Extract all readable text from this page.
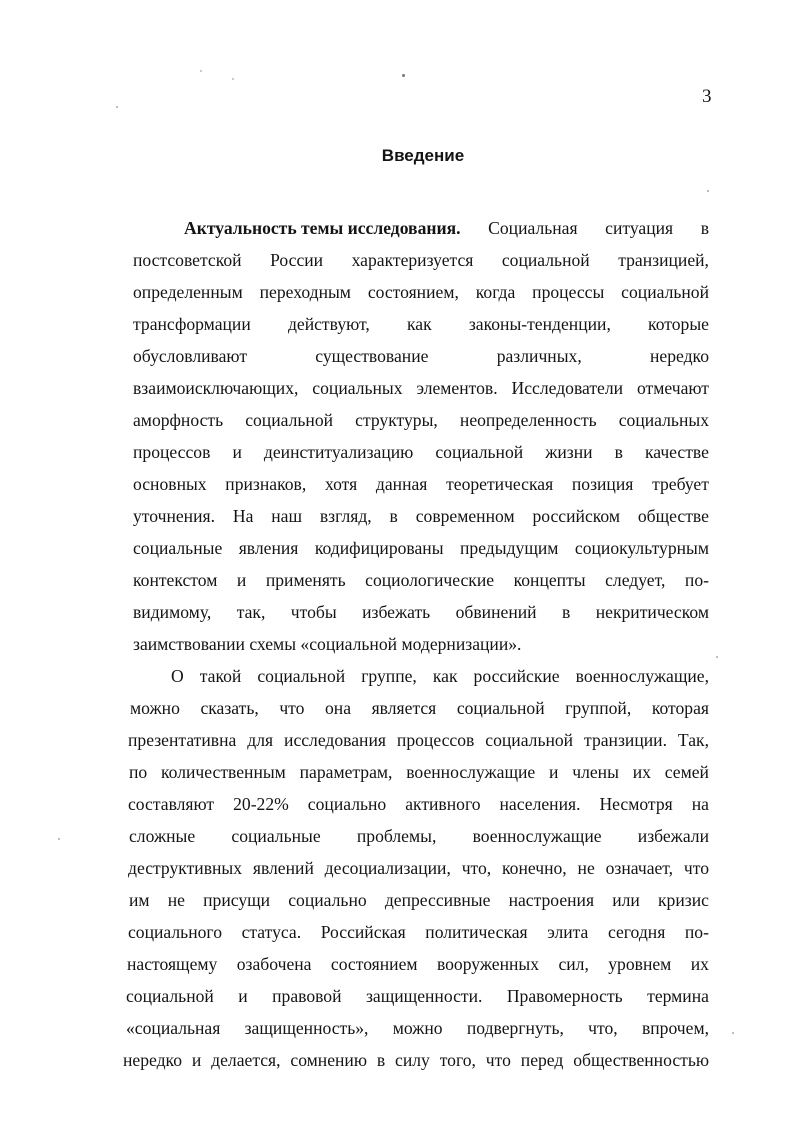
3
Введение
Актуальность темы исследования. Социальная ситуация в
постсоветской России характеризуется социальной транзицией,
определенным переходным состоянием, когда процессы социальной
трансформации действуют, как законы-тенденции, которые
обусловливают	существование	различных,	нередко
взаимоисключающих, социальных элементов. Исследователи отмечают
аморфность социальной структуры, неопределенность социальных
процессов и деинституализацию социальной жизни в качестве
основных признаков, хотя данная теоретическая позиция требует
уточнения. На наш взгляд, в современном российском обществе
социальные явления кодифицированы предыдущим социокультурным
контекстом и применять социологические концепты следует, по-
видимому, так, чтобы избежать обвинений в некритическом
заимствовании схемы «социальной модернизации».
О такой социальной группе, как российские военнослужащие,
можно сказать, что она является социальной группой, которая
презентативна для исследования процессов социальной транзиции. Так,
по количественным параметрам, военнослужащие и члены их семей
составляют 20-22% социально активного населения. Несмотря на
сложные социальные проблемы, военнослужащие избежали
деструктивных явлений десоциализации, что, конечно, не означает, что
им не присущи социально депрессивные настроения или кризис
социального статуса. Российская политическая элита сегодня по-
настоящему озабочена состоянием вооруженных сил, уровнем их
социальной и правовой защищенности. Правомерность термина
«социальная защищенность», можно подвергнуть, что, впрочем,
нередко и делается, сомнению в силу того, что перед общественностью
